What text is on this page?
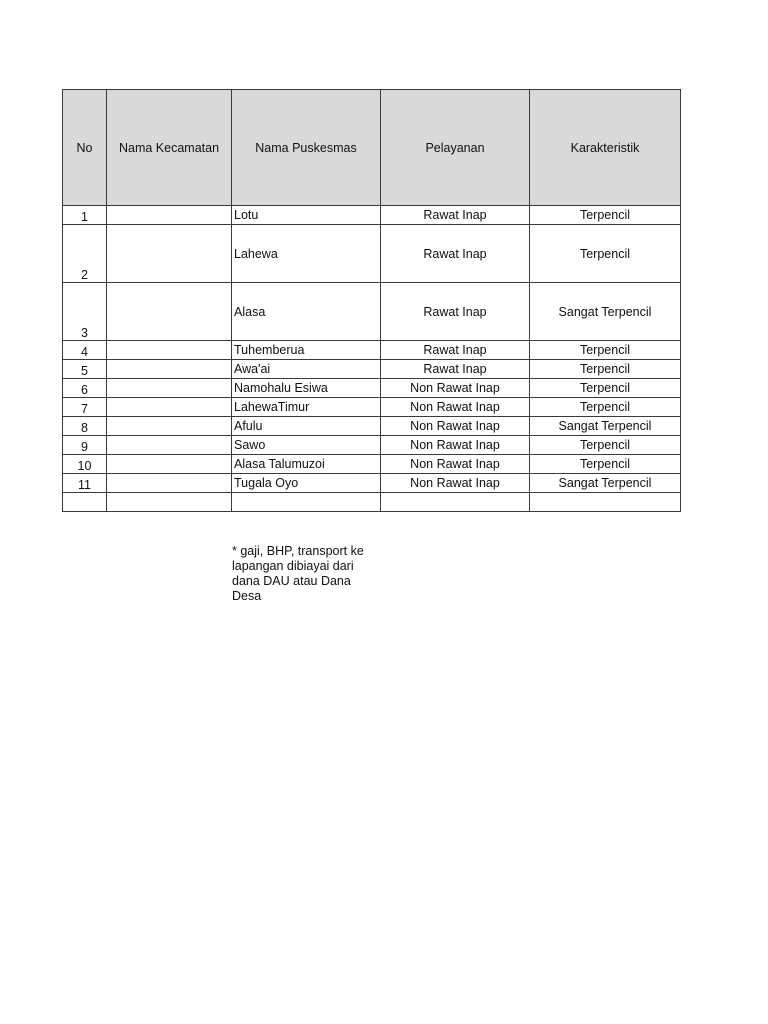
No	Nama Kecamatan	Nama Puskesmas	Pelayanan	Karakteristik
1		Lotu	Rawat Inap	Terpencil
2		Lahewa	Rawat Inap	Terpencil
3		Alasa	Rawat Inap	Sangat Terpencil
4		Tuhemberua	Rawat Inap	Terpencil
5		Awa'ai	Rawat Inap	Terpencil
6		Namohalu Esiwa	Non Rawat Inap	Terpencil
7		LahewaTimur	Non Rawat Inap	Terpencil
8		Afulu	Non Rawat Inap	Sangat Terpencil
9		Sawo	Non Rawat Inap	Terpencil
10		Alasa Talumuzoi	Non Rawat Inap	Terpencil
11		Tugala Oyo	Non Rawat Inap	Sangat Terpencil

* gaji, BHP, transport ke
lapangan dibiayai dari
dana DAU atau Dana
Desa
